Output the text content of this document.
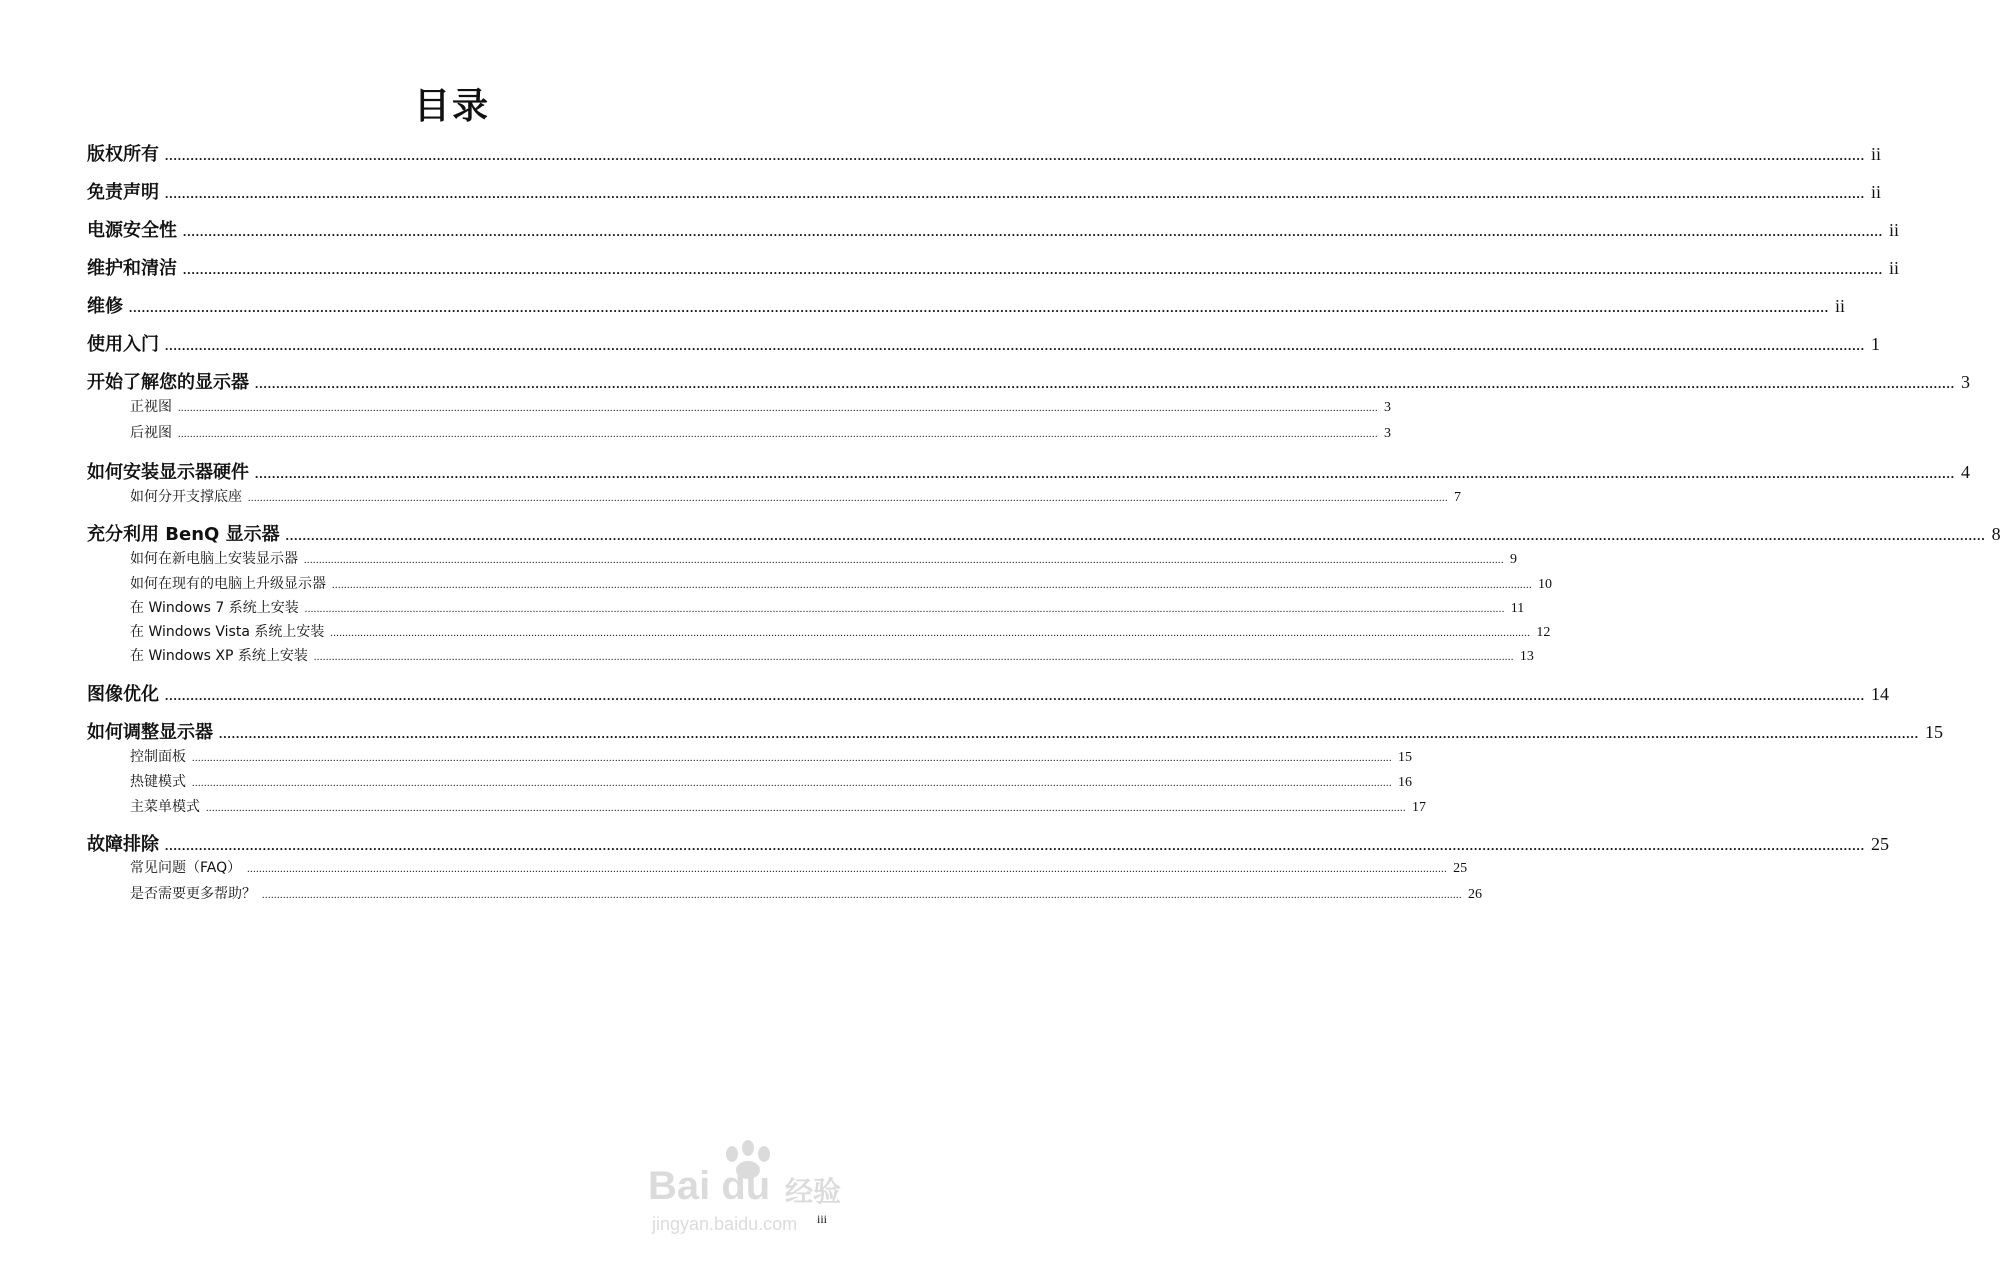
目录
版权所有 ................................................................................................................................................................................................................................................................................................................................................................................................................ ii
免责声明 ................................................................................................................................................................................................................................................................................................................................................................................................................ ii
电源安全性 ................................................................................................................................................................................................................................................................................................................................................................................................................ ii
维护和清洁 ................................................................................................................................................................................................................................................................................................................................................................................................................ ii
维修 ................................................................................................................................................................................................................................................................................................................................................................................................................ ii
使用入门 ................................................................................................................................................................................................................................................................................................................................................................................................................ 1
开始了解您的显示器 ................................................................................................................................................................................................................................................................................................................................................................................................................ 3
正视图 ................................................................................................................................................................................................................................................................................................................................................................................................................ 3
后视图 ................................................................................................................................................................................................................................................................................................................................................................................................................ 3
如何安装显示器硬件 ................................................................................................................................................................................................................................................................................................................................................................................................................ 4
如何分开支撑底座 ................................................................................................................................................................................................................................................................................................................................................................................................................ 7
充分利用 BenQ 显示器 ................................................................................................................................................................................................................................................................................................................................................................................................................ 8
如何在新电脑上安装显示器 ................................................................................................................................................................................................................................................................................................................................................................................................................ 9
如何在现有的电脑上升级显示器 ................................................................................................................................................................................................................................................................................................................................................................................................................ 10
在 Windows 7 系统上安装 ................................................................................................................................................................................................................................................................................................................................................................................................................ 11
在 Windows Vista 系统上安装 ................................................................................................................................................................................................................................................................................................................................................................................................................ 12
在 Windows XP 系统上安装 ................................................................................................................................................................................................................................................................................................................................................................................................................ 13
图像优化 ................................................................................................................................................................................................................................................................................................................................................................................................................ 14
如何调整显示器 ................................................................................................................................................................................................................................................................................................................................................................................................................ 15
控制面板 ................................................................................................................................................................................................................................................................................................................................................................................................................ 15
热键模式 ................................................................................................................................................................................................................................................................................................................................................................................................................ 16
主菜单模式 ................................................................................................................................................................................................................................................................................................................................................................................................................ 17
故障排除 ................................................................................................................................................................................................................................................................................................................................................................................................................ 25
常见问题（FAQ） ................................................................................................................................................................................................................................................................................................................................................................................................................ 25
是否需要更多帮助？ ................................................................................................................................................................................................................................................................................................................................................................................................................ 26
iii
Bai du 经验
jingyan.baidu.com
